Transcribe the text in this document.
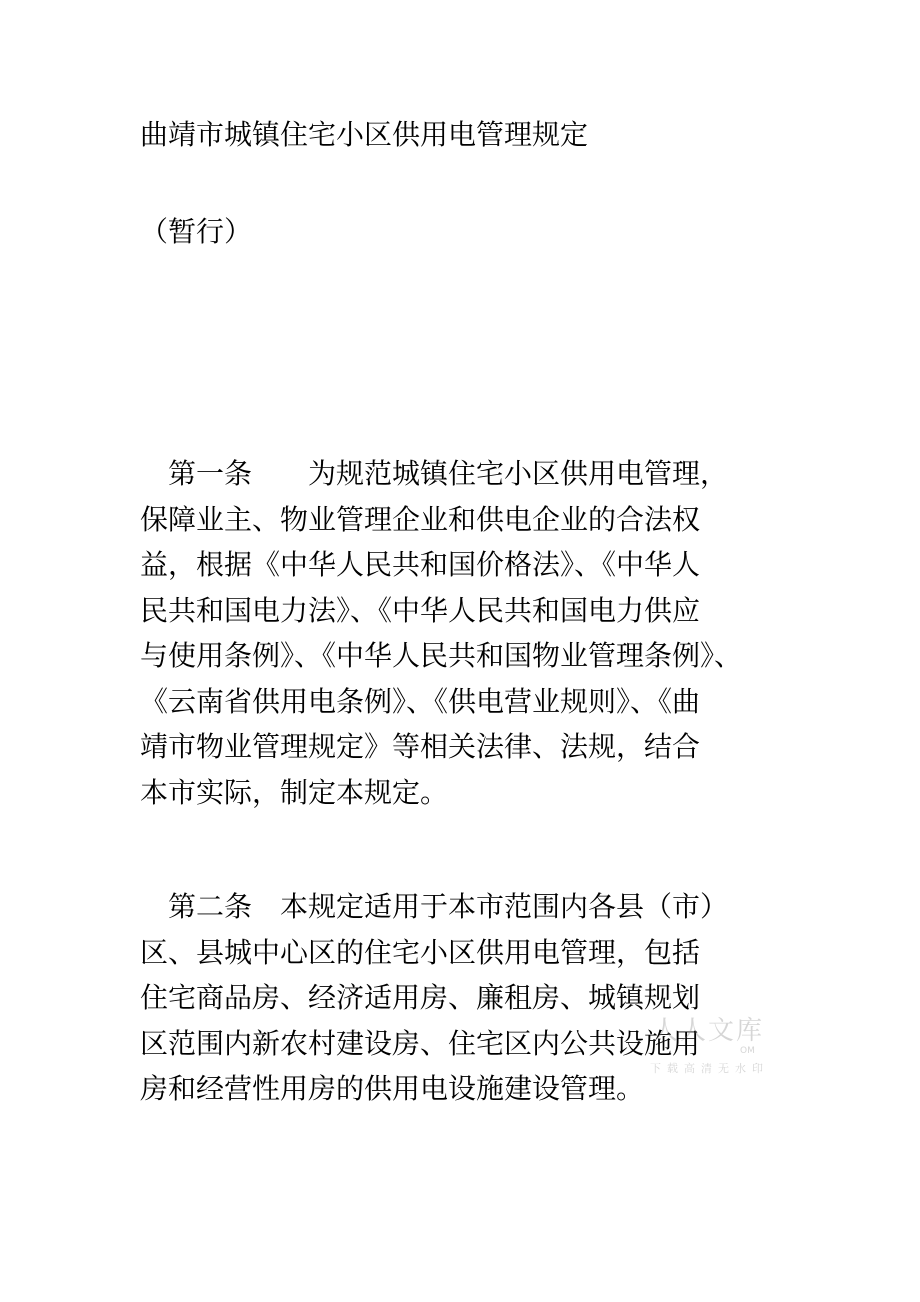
曲靖市城镇住宅小区供用电管理规定
（暂行）
　第一条　　为规范城镇住宅小区供用电管理，
保障业主、物业管理企业和供电企业的合法权
益，根据《中华人民共和国价格法》、《中华人
民共和国电力法》、《中华人民共和国电力供应
与使用条例》、《中华人民共和国物业管理条例》、
《云南省供用电条例》、《供电营业规则》、《曲
靖市物业管理规定》等相关法律、法规，结合
本市实际，制定本规定。
　第二条　本规定适用于本市范围内各县（市）
区、县城中心区的住宅小区供用电管理，包括
住宅商品房、经济适用房、廉租房、城镇规划
区范围内新农村建设房、住宅区内公共设施用
房和经营性用房的供用电设施建设管理。
人人文库
OM
下载高清无水印
